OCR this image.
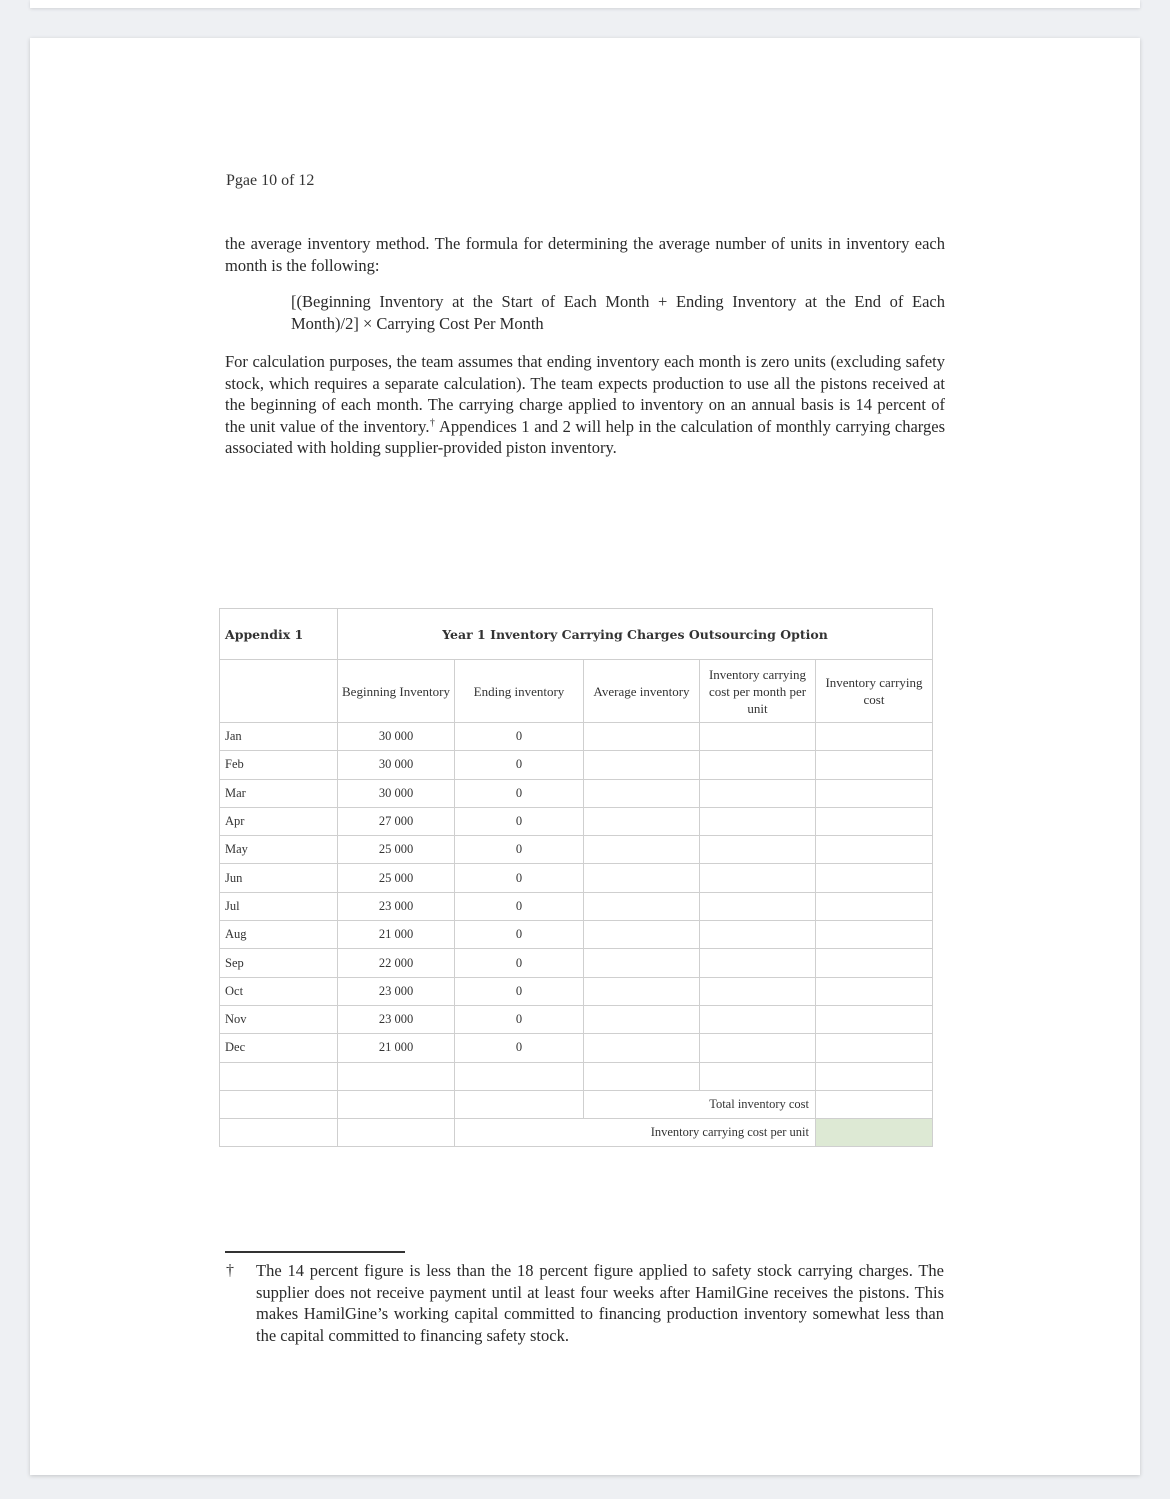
Pgae 10 of 12
the average inventory method. The formula for determining the average number of units in inventory each month is the following:
[(Beginning Inventory at the Start of Each Month + Ending Inventory at the End of Each Month)/2] × Carrying Cost Per Month
For calculation purposes, the team assumes that ending inventory each month is zero units (excluding safety stock, which requires a separate calculation). The team expects production to use all the pistons received at the beginning of each month. The carrying charge applied to inventory on an annual basis is 14 percent of the unit value of the inventory.† Appendices 1 and 2 will help in the calculation of monthly carrying charges associated with holding supplier-provided piston inventory.
Appendix 1	Year 1 Inventory Carrying Charges Outsourcing Option				
	Beginning Inventory	Ending inventory	Average inventory	Inventory carrying cost per month per unit	Inventory carrying cost
Jan	30 000	0			
Feb	30 000	0			
Mar	30 000	0			
Apr	27 000	0			
May	25 000	0			
Jun	25 000	0			
Jul	23 000	0			
Aug	21 000	0			
Sep	22 000	0			
Oct	23 000	0			
Nov	23 000	0			
Dec	21 000	0			

			Total inventory cost		
		Inventory carrying cost per unit			
† The 14 percent figure is less than the 18 percent figure applied to safety stock carrying charges. The supplier does not receive payment until at least four weeks after HamilGine receives the pistons. This makes HamilGine’s working capital committed to financing production inventory somewhat less than the capital committed to financing safety stock.
